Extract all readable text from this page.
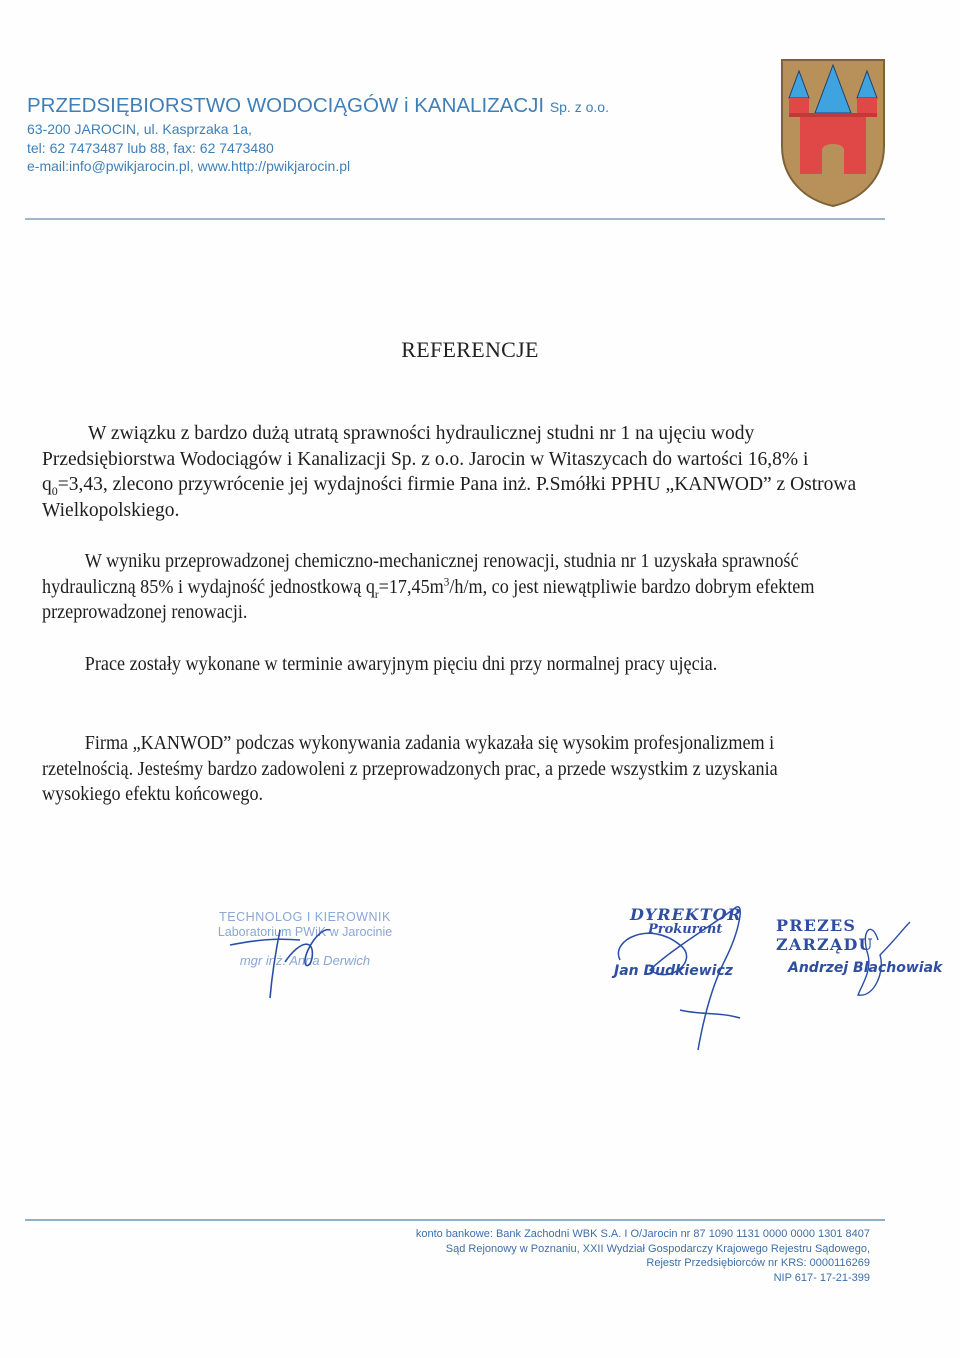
PRZEDSIĘBIORSTWO WODOCIĄGÓW i KANALIZACJI Sp. z o.o.
63-200 JAROCIN, ul. Kasprzaka 1a,
tel: 62 7473487 lub 88, fax: 62 7473480
e-mail:info@pwikjarocin.pl, www.http://pwikjarocin.pl
REFERENCJE

W związku z bardzo dużą utratą sprawności hydraulicznej studni nr 1 na ujęciu wody Przedsiębiorstwa Wodociągów i Kanalizacji Sp. z o.o. Jarocin w Witaszycach do wartości 16,8% i $q_0=3,43$, zlecono przywrócenie jej wydajności firmie Pana inż. P.Smółki PPHU „KANWOD” z Ostrowa Wielkopolskiego.

W wyniku przeprowadzonej chemiczno-mechanicznej renowacji, studnia nr 1 uzyskała sprawność hydrauliczną 85% i wydajność jednostkową $q_r=17,45m^3/h/m$, co jest niewątpliwie bardzo dobrym efektem przeprowadzonej renowacji.

Prace zostały wykonane w terminie awaryjnym pięciu dni przy normalnej pracy ujęcia.

Firma „KANWOD” podczas wykonywania zadania wykazała się wysokim profesjonalizmem i rzetelnością. Jesteśmy bardzo zadowoleni z przeprowadzonych prac, a przede wszystkim z uzyskania wysokiego efektu końcowego.

TECHNOLOG I KIEROWNIK
Laboratorium PWiK w Jarocinie
mgr inż. Anna Derwich
DYREKTOR
Prokurent
Jan Dudkiewicz
PREZES ZARZĄDU
Andrzej Blachowiak
konto bankowe: Bank Zachodni WBK S.A. I O/Jarocin nr 87 1090 1131 0000 0000 1301 8407
Sąd Rejonowy w Poznaniu, XXII Wydział Gospodarczy Krajowego Rejestru Sądowego,
Rejestr Przedsiębiorców nr KRS: 0000116269
NIP 617- 17-21-399
